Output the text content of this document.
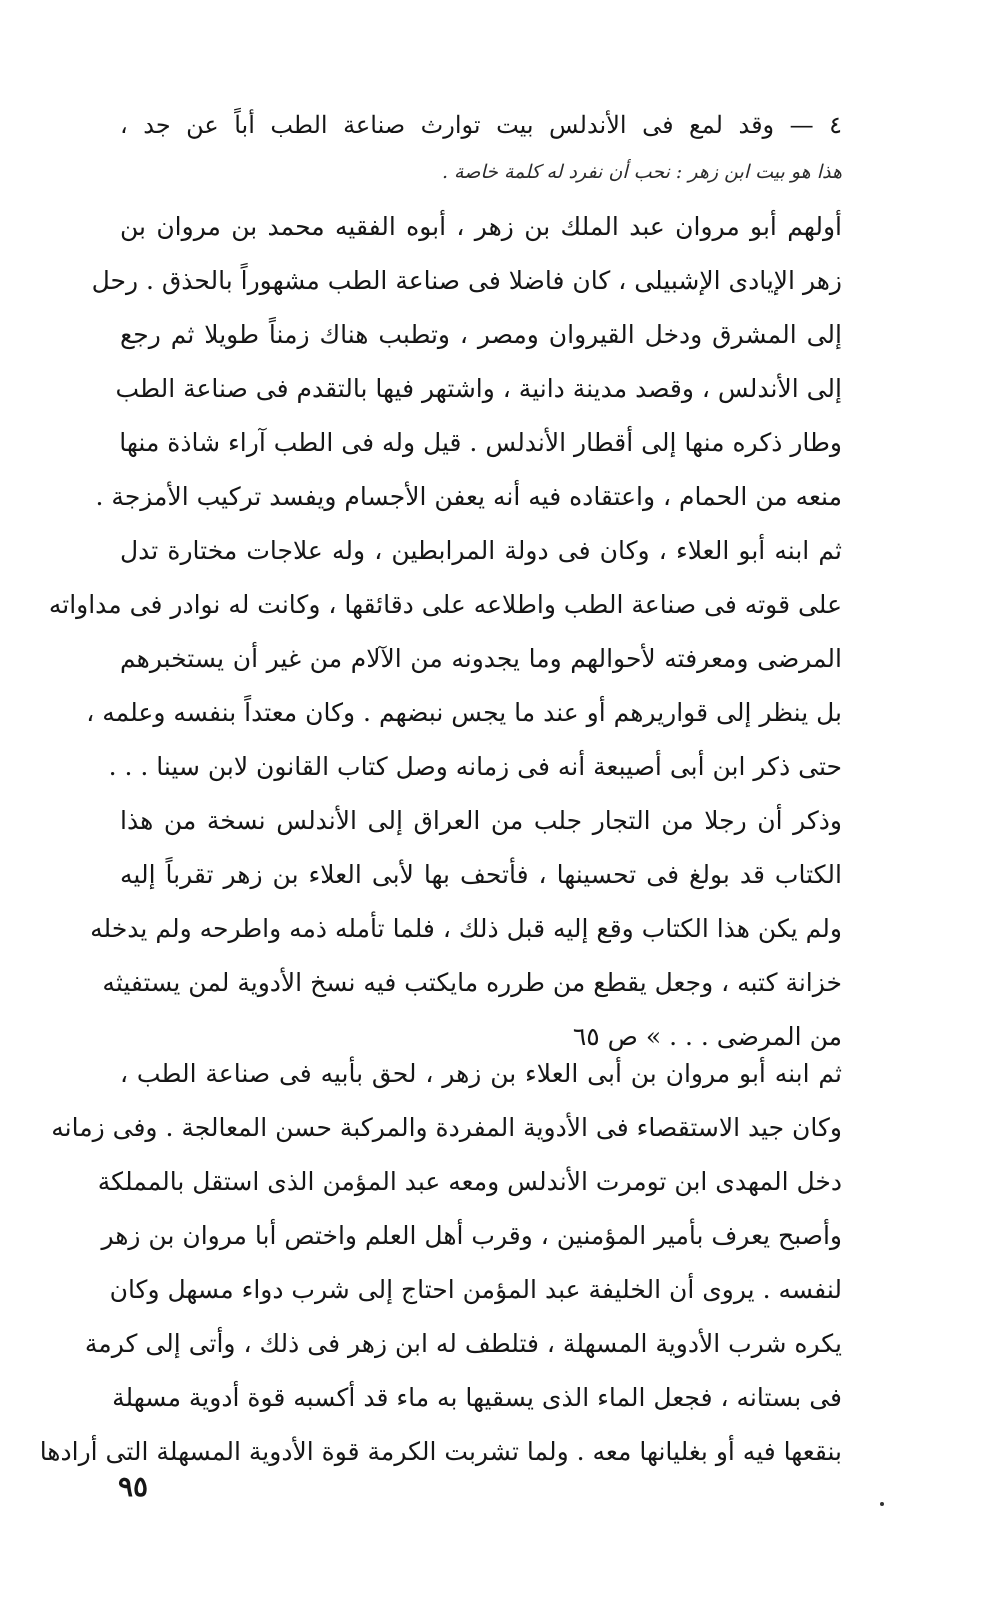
٤ — وقد لمع فى الأندلس بيت توارث صناعة الطب أباً عن جد ،
هذا هو بيت ابن زهر : نحب أن نفرد له كلمة خاصة .
أولهم أبو مروان عبد الملك بن زهر ، أبوه الفقيه محمد بن مروان بن
زهر الإيادى الإشبيلى ، كان فاضلا فى صناعة الطب مشهوراً بالحذق . رحل
إلى المشرق ودخل القيروان ومصر ، وتطبب هناك زمناً طويلا ثم رجع
إلى الأندلس ، وقصد مدينة دانية ، واشتهر فيها بالتقدم فى صناعة الطب
وطار ذكره منها إلى أقطار الأندلس . قيل وله فى الطب آراء شاذة منها
منعه من الحمام ، واعتقاده فيه أنه يعفن الأجسام ويفسد تركيب الأمزجة .
ثم ابنه أبو العلاء ، وكان فى دولة المرابطين ، وله علاجات مختارة تدل
على قوته فى صناعة الطب واطلاعه على دقائقها ، وكانت له نوادر فى مداواته
المرضى ومعرفته لأحوالهم وما يجدونه من الآلام من غير أن يستخبرهم
بل ينظر إلى قواريرهم أو عند ما يجس نبضهم . وكان معتداً بنفسه وعلمه ،
حتى ذكر ابن أبى أصيبعة أنه فى زمانه وصل كتاب القانون لابن سينا . . .
وذكر أن رجلا من التجار جلب من العراق إلى الأندلس نسخة من هذا
الكتاب قد بولغ فى تحسينها ، فأتحف بها لأبى العلاء بن زهر تقرباً إليه
ولم يكن هذا الكتاب وقع إليه قبل ذلك ، فلما تأمله ذمه واطرحه ولم يدخله
خزانة كتبه ، وجعل يقطع من طرره مايكتب فيه نسخ الأدوية لمن يستفيثه
من المرضى . . . » ص ٦٥
ثم ابنه أبو مروان بن أبى العلاء بن زهر ، لحق بأبيه فى صناعة الطب ،
وكان جيد الاستقصاء فى الأدوية المفردة والمركبة حسن المعالجة . وفى زمانه
دخل المهدى ابن تومرت الأندلس ومعه عبد المؤمن الذى استقل بالمملكة
وأصبح يعرف بأمير المؤمنين ، وقرب أهل العلم واختص أبا مروان بن زهر
لنفسه . يروى أن الخليفة عبد المؤمن احتاج إلى شرب دواء مسهل وكان
يكره شرب الأدوية المسهلة ، فتلطف له ابن زهر فى ذلك ، وأتى إلى كرمة
فى بستانه ، فجعل الماء الذى يسقيها به ماء قد أكسبه قوة أدوية مسهلة
بنقعها فيه أو بغليانها معه . ولما تشربت الكرمة قوة الأدوية المسهلة التى أرادها
٩٥
